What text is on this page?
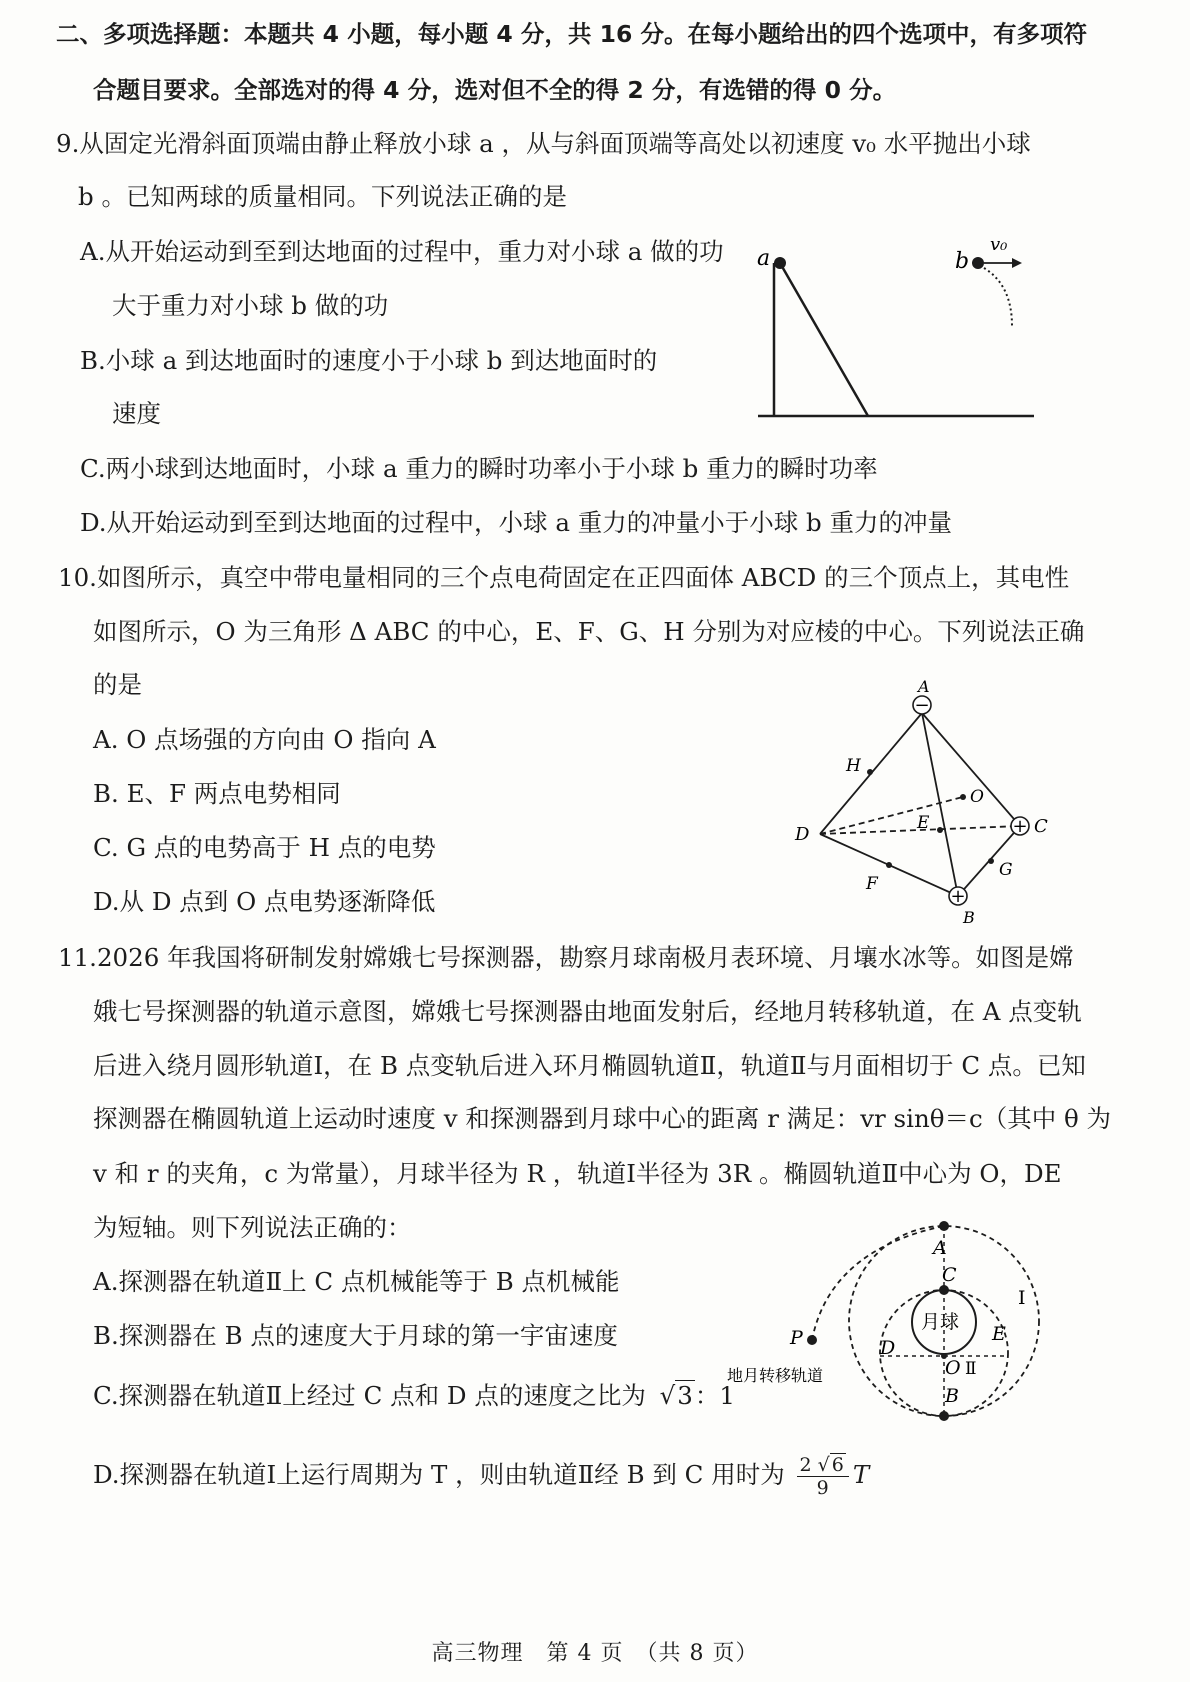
二、多项选择题：本题共 4 小题，每小题 4 分，共 16 分。在每小题给出的四个选项中，有多项符
合题目要求。全部选对的得 4 分，选对但不全的得 2 分，有选错的得 0 分。
9.从固定光滑斜面顶端由静止释放小球 a ，从与斜面顶端等高处以初速度 v₀ 水平抛出小球
b 。已知两球的质量相同。下列说法正确的是
A.从开始运动到至到达地面的过程中，重力对小球 a 做的功
大于重力对小球 b 做的功
B.小球 a 到达地面时的速度小于小球 b 到达地面时的
速度
C.两小球到达地面时，小球 a 重力的瞬时功率小于小球 b 重力的瞬时功率
D.从开始运动到至到达地面的过程中，小球 a 重力的冲量小于小球 b 重力的冲量
a	b
v₀
10.如图所示，真空中带电量相同的三个点电荷固定在正四面体 ABCD 的三个顶点上，其电性
如图所示，O 为三角形 Δ ABC 的中心，E、F、G、H 分别为对应棱的中心。下列说法正确
的是
A. O 点场强的方向由 O 指向 A
B. E、F 两点电势相同
C. G 点的电势高于 H 点的电势
D.从 D 点到 O 点电势逐渐降低
−
+
+
A
B
C
D
E
F
G
H
O
11.2026 年我国将研制发射嫦娥七号探测器，勘察月球南极月表环境、月壤水冰等。如图是嫦
娥七号探测器的轨道示意图，嫦娥七号探测器由地面发射后，经地月转移轨道，在 A 点变轨
后进入绕月圆形轨道Ⅰ，在 B 点变轨后进入环月椭圆轨道Ⅱ，轨道Ⅱ与月面相切于 C 点。已知
探测器在椭圆轨道上运动时速度 v 和探测器到月球中心的距离 r 满足：vr sinθ＝c（其中 θ 为
v 和 r 的夹角，c 为常量），月球半径为 R ，轨道Ⅰ半径为 3R 。椭圆轨道Ⅱ中心为 O，DE
为短轴。则下列说法正确的：
A.探测器在轨道Ⅱ上 C 点机械能等于 B 点机械能
B.探测器在 B 点的速度大于月球的第一宇宙速度
C.探测器在轨道Ⅱ上经过 C 点和 D 点的速度之比为 √3：1
D.探测器在轨道Ⅰ上运行周期为 T ，则由轨道Ⅱ经 B 到 C 用时为 $\frac{2 √ 6}{9}$ T
A
C
B
D
E
O
P
月球
Ⅰ
Ⅱ
地月转移轨道
高三物理　第 4 页　（共 8 页）
